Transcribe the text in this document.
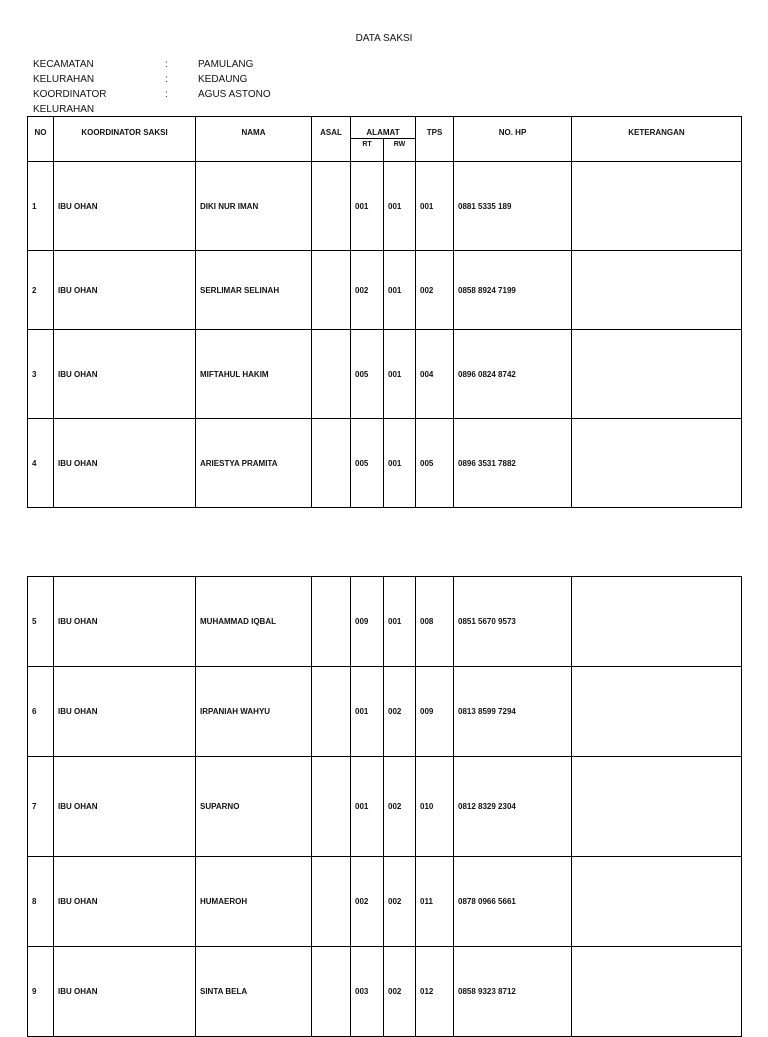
DATA SAKSI
KECAMATAN	:	PAMULANG
KELURAHAN	:	KEDAUNG
KOORDINATOR KELURAHAN
:	AGUS ASTONO
NO	KOORDINATOR SAKSI	NAMA	ASAL	ALAMAT		TPS	NO. HP	KETERANGAN
				RT	RW			
1	IBU OHAN	DIKI NUR IMAN		001	001	001	0881 5335 189	
2	IBU OHAN	SERLIMAR SELINAH		002	001	002	0858 8924 7199	
3	IBU OHAN	MIFTAHUL HAKIM		005	001	004	0896 0824 8742	
4	IBU OHAN	ARIESTYA PRAMITA		005	001	005	0896 3531 7882	
5	IBU OHAN	MUHAMMAD IQBAL		009	001	008	0851 5670 9573	
6	IBU OHAN	IRPANIAH WAHYU		001	002	009	0813 8599 7294	
7	IBU OHAN	SUPARNO		001	002	010	0812 8329 2304	
8	IBU OHAN	HUMAEROH		002	002	011	0878 0966 5661	
9	IBU OHAN	SINTA BELA		003	002	012	0858 9323 8712	
